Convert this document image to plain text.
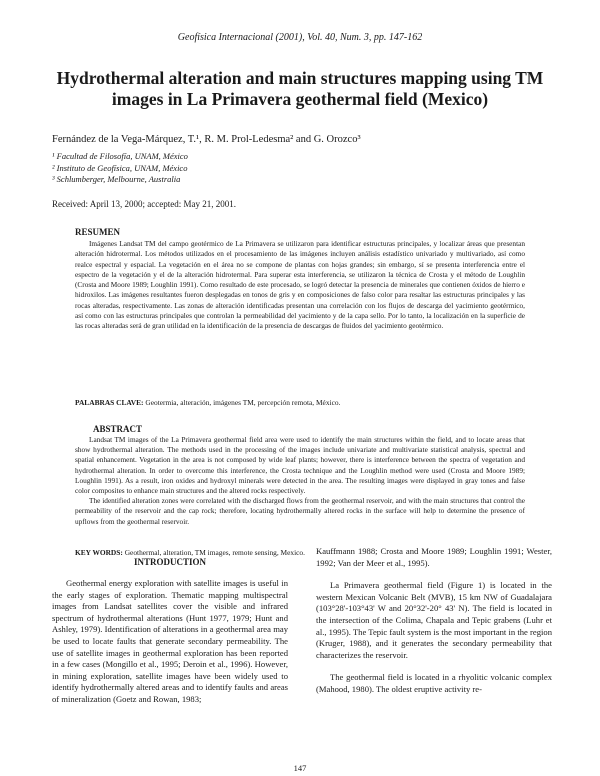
Geofísica Internacional (2001), Vol. 40, Num. 3, pp. 147-162
Hydrothermal alteration and main structures mapping using TM images in La Primavera geothermal field (Mexico)
Fernández de la Vega-Márquez, T.¹, R. M. Prol-Ledesma² and G. Orozco³
¹ Facultad de Filosofía, UNAM, México
² Instituto de Geofísica, UNAM, México
³ Schlumberger, Melbourne, Australia
Received: April 13, 2000; accepted: May 21, 2001.
RESUMEN
Imágenes Landsat TM del campo geotérmico de La Primavera se utilizaron para identificar estructuras principales, y localizar áreas que presentan alteración hidrotermal. Los métodos utilizados en el procesamiento de las imágenes incluyen análisis estadístico univariado y multivariado, así como realce espectral y espacial. La vegetación en el área no se compone de plantas con hojas grandes; sin embargo, sí se presenta interferencia entre el espectro de la vegetación y el de la alteración hidrotermal. Para superar esta interferencia, se utilizaron la técnica de Crosta y el método de Loughlin (Crosta and Moore 1989; Loughlin 1991). Como resultado de este procesado, se logró detectar la presencia de minerales que contienen óxidos de hierro e hidroxilos. Las imágenes resultantes fueron desplegadas en tonos de gris y en composiciones de falso color para resaltar las estructuras principales y las rocas alteradas, respectivamente. Las zonas de alteración identificadas presentan una correlación con los flujos de descarga del yacimiento geotérmico, así como con las estructuras principales que controlan la permeabilidad del yacimiento y de la capa sello. Por lo tanto, la localización en la superficie de las rocas alteradas será de gran utilidad en la identificación de la presencia de descargas de fluidos del yacimiento geotérmico.
PALABRAS CLAVE: Geotermia, alteración, imágenes TM, percepción remota, México.
ABSTRACT

Landsat TM images of the La Primavera geothermal field area were used to identify the main structures within the field, and to locate areas that show hydrothermal alteration. The methods used in the processing of the images include univariate and multivariate statistical analysis, spectral and spatial enhancement. Vegetation in the area is not composed by wide leaf plants; however, there is interference between the spectra of vegetation and hydrothermal alteration. In order to overcome this interference, the Crosta technique and the Loughlin method were used (Crosta and Moore 1989; Loughlin 1991). As a result, iron oxides and hydroxyl minerals were detected in the area. The resulting images were displayed in gray tones and false color composites to enhance main structures and the altered rocks respectively.

The identified alteration zones were correlated with the discharged flows from the geothermal reservoir, and with the main structures that control the permeability of the reservoir and the cap rock; therefore, locating hydrothermally altered rocks in the surface will help to determine the presence of upflows from the geothermal reservoir.

KEY WORDS: Geothermal, alteration, TM images, remote sensing, Mexico.
INTRODUCTION

Geothermal energy exploration with satellite images is useful in the early stages of exploration. Thematic mapping multispectral images from Landsat satellites cover the visible and infrared spectrum of hydrothermal alterations (Hunt 1977, 1979; Hunt and Ashley, 1979). Identification of alterations in a geothermal area may be used to locate faults that generate secondary permeability. The use of satellite images in geothermal exploration has been reported in a few cases (Mongillo et al., 1995; Deroin et al., 1996). However, in mining exploration, satellite images have been widely used to identify hydrothermally altered areas and to identify faults and areas of mineralization (Goetz and Rowan, 1983;

Kauffmann 1988; Crosta and Moore 1989; Loughlin 1991; Wester, 1992; Van der Meer et al., 1995).

La Primavera geothermal field (Figure 1) is located in the western Mexican Volcanic Belt (MVB), 15 km NW of Guadalajara (103°28'-103°43' W and 20°32'-20° 43' N). The field is located in the intersection of the Colima, Chapala and Tepic grabens (Luhr et al., 1995). The Tepic fault system is the most important in the region (Kruger, 1988), and it generates the secondary permeability that characterizes the reservoir.

The geothermal field is located in a rhyolitic volcanic complex (Mahood, 1980). The oldest eruptive activity re-

147
